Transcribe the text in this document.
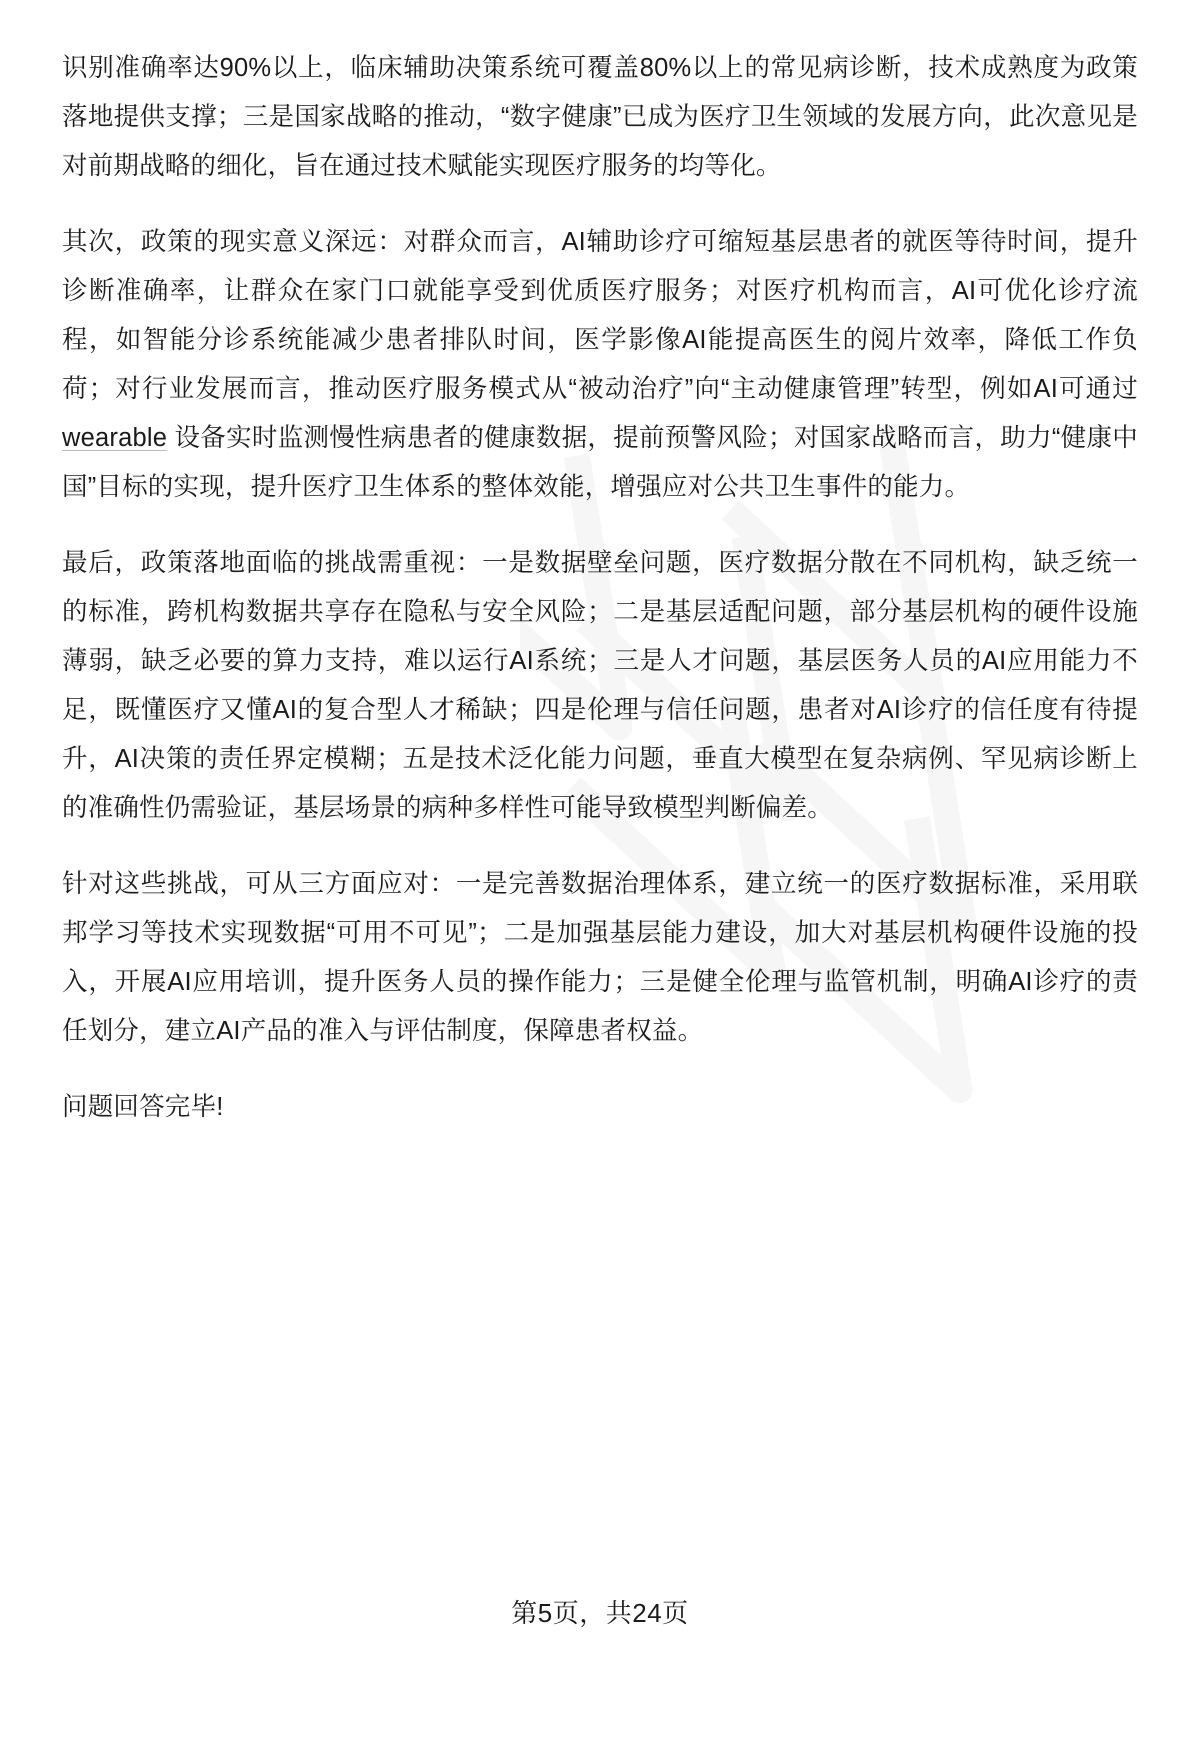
识别准确率达90%以上，临床辅助决策系统可覆盖80%以上的常见病诊断，技术成熟度为政策落地提供支撑；三是国家战略的推动，“数字健康”已成为医疗卫生领域的发展方向，此次意见是对前期战略的细化，旨在通过技术赋能实现医疗服务的均等化。

其次，政策的现实意义深远：对群众而言，AI辅助诊疗可缩短基层患者的就医等待时间，提升诊断准确率，让群众在家门口就能享受到优质医疗服务；对医疗机构而言，AI可优化诊疗流程，如智能分诊系统能减少患者排队时间，医学影像AI能提高医生的阅片效率，降低工作负荷；对行业发展而言，推动医疗服务模式从“被动治疗”向“主动健康管理”转型，例如AI可通过 wearable 设备实时监测慢性病患者的健康数据，提前预警风险；对国家战略而言，助力“健康中国”目标的实现，提升医疗卫生体系的整体效能，增强应对公共卫生事件的能力。

最后，政策落地面临的挑战需重视：一是数据壁垒问题，医疗数据分散在不同机构，缺乏统一的标准，跨机构数据共享存在隐私与安全风险；二是基层适配问题，部分基层机构的硬件设施薄弱，缺乏必要的算力支持，难以运行AI系统；三是人才问题，基层医务人员的AI应用能力不足，既懂医疗又懂AI的复合型人才稀缺；四是伦理与信任问题，患者对AI诊疗的信任度有待提升，AI决策的责任界定模糊；五是技术泛化能力问题，垂直大模型在复杂病例、罕见病诊断上的准确性仍需验证，基层场景的病种多样性可能导致模型判断偏差。

针对这些挑战，可从三方面应对：一是完善数据治理体系，建立统一的医疗数据标准，采用联邦学习等技术实现数据“可用不可见”；二是加强基层能力建设，加大对基层机构硬件设施的投入，开展AI应用培训，提升医务人员的操作能力；三是健全伦理与监管机制，明确AI诊疗的责任划分，建立AI产品的准入与评估制度，保障患者权益。

问题回答完毕!

第5页，共24页
